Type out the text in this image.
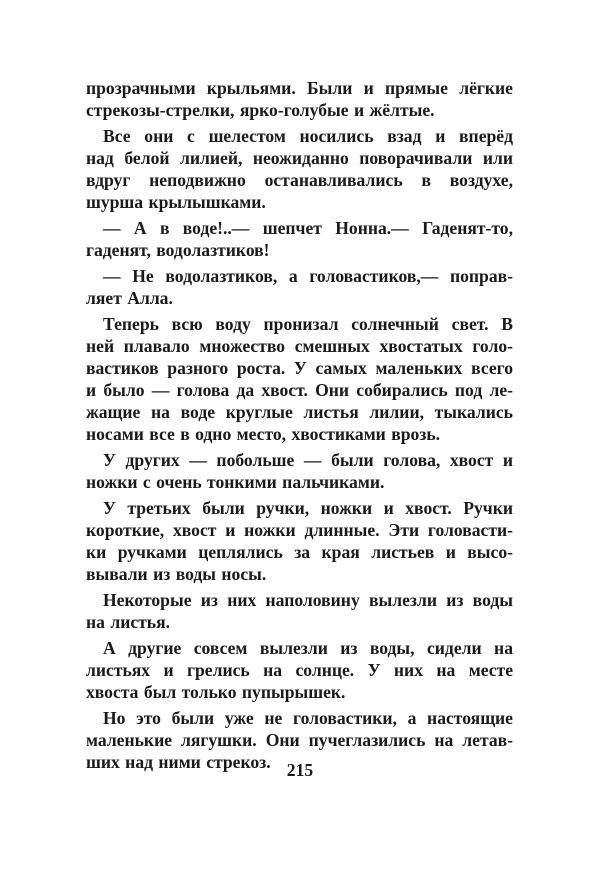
прозрачными крыльями. Были и прямые лёгкие
стрекозы-стрелки, ярко-голубые и жёлтые.
Все они с шелестом носились взад и вперёд
над белой лилией, неожиданно поворачивали или
вдруг неподвижно останавливались в воздухе,
шурша крылышками.
— А в воде!..— шепчет Нонна.— Гаденят-то,
гаденят, водолазтиков!
— Не водолазтиков, а головастиков,— поправ-
ляет Алла.
Теперь всю воду пронизал солнечный свет. В
ней плавало множество смешных хвостатых голо-
вастиков разного роста. У самых маленьких всего
и было — голова да хвост. Они собирались под ле-
жащие на воде круглые листья лилии, тыкались
носами все в одно место, хвостиками врозь.
У других — побольше — были голова, хвост и
ножки с очень тонкими пальчиками.
У третьих были ручки, ножки и хвост. Ручки
короткие, хвост и ножки длинные. Эти головасти-
ки ручками цеплялись за края листьев и высо-
вывали из воды носы.
Некоторые из них наполовину вылезли из воды
на листья.
А другие совсем вылезли из воды, сидели на
листьях и грелись на солнце. У них на месте
хвоста был только пупырышек.
Но это были уже не головастики, а настоящие
маленькие лягушки. Они пучеглазились на летав-
ших над ними стрекоз. 215
